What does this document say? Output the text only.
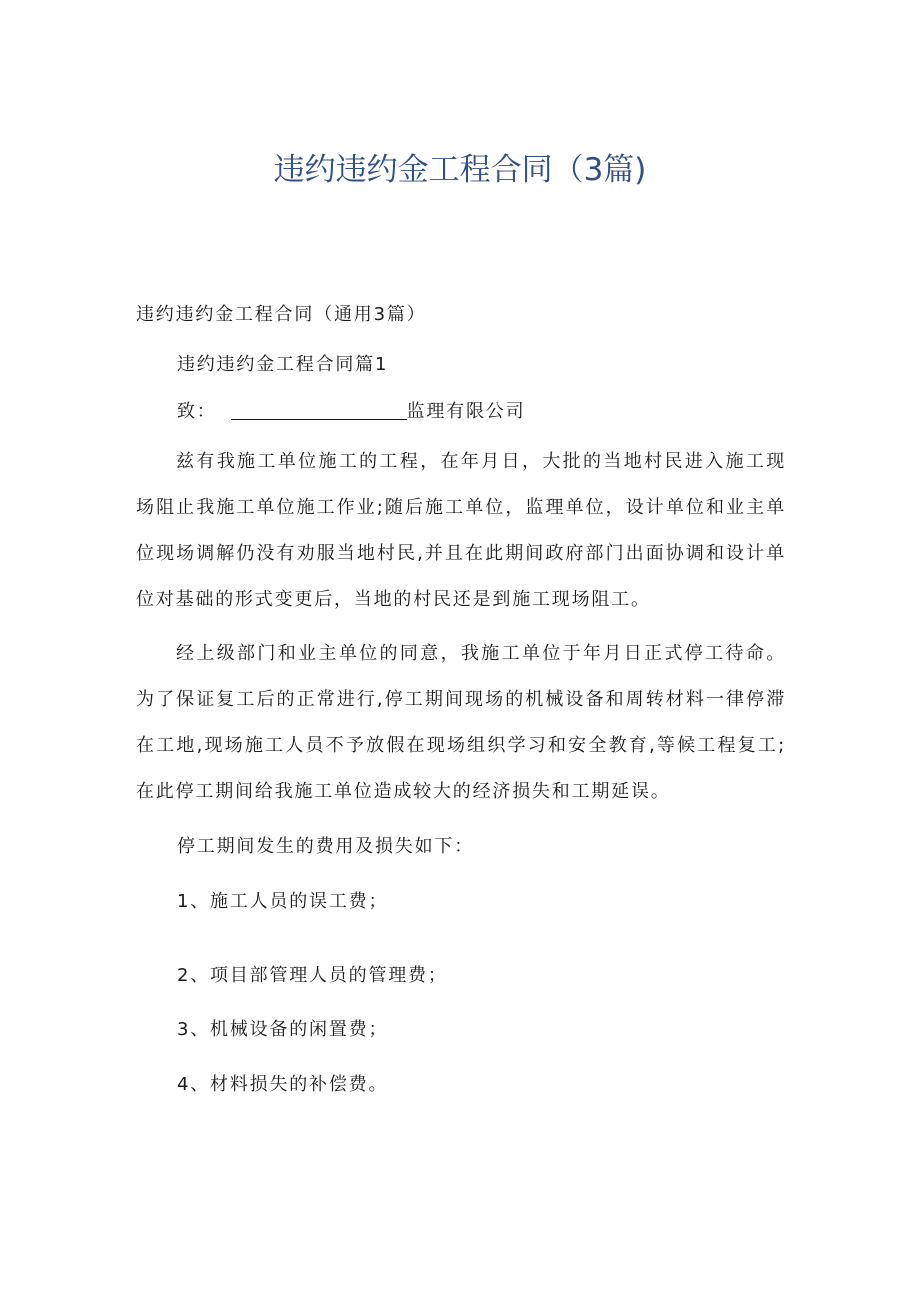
违约违约金工程合同（3篇)
违约违约金工程合同（通用3篇）
违约违约金工程合同篇1
致：	监理有限公司
兹有我施工单位施工的工程，在年月日，大批的当地村民进入施工现场阻止我施工单位施工作业;随后施工单位，监理单位，设计单位和业主单位现场调解仍没有劝服当地村民,并且在此期间政府部门出面协调和设计单位对基础的形式变更后，当地的村民还是到施工现场阻工。
经上级部门和业主单位的同意，我施工单位于年月日正式停工待命。为了保证复工后的正常进行,停工期间现场的机械设备和周转材料一律停滞在工地,现场施工人员不予放假在现场组织学习和安全教育,等候工程复工;在此停工期间给我施工单位造成较大的经济损失和工期延误。
停工期间发生的费用及损失如下：
1、施工人员的误工费；
2、项目部管理人员的管理费；
3、机械设备的闲置费；
4、材料损失的补偿费。
